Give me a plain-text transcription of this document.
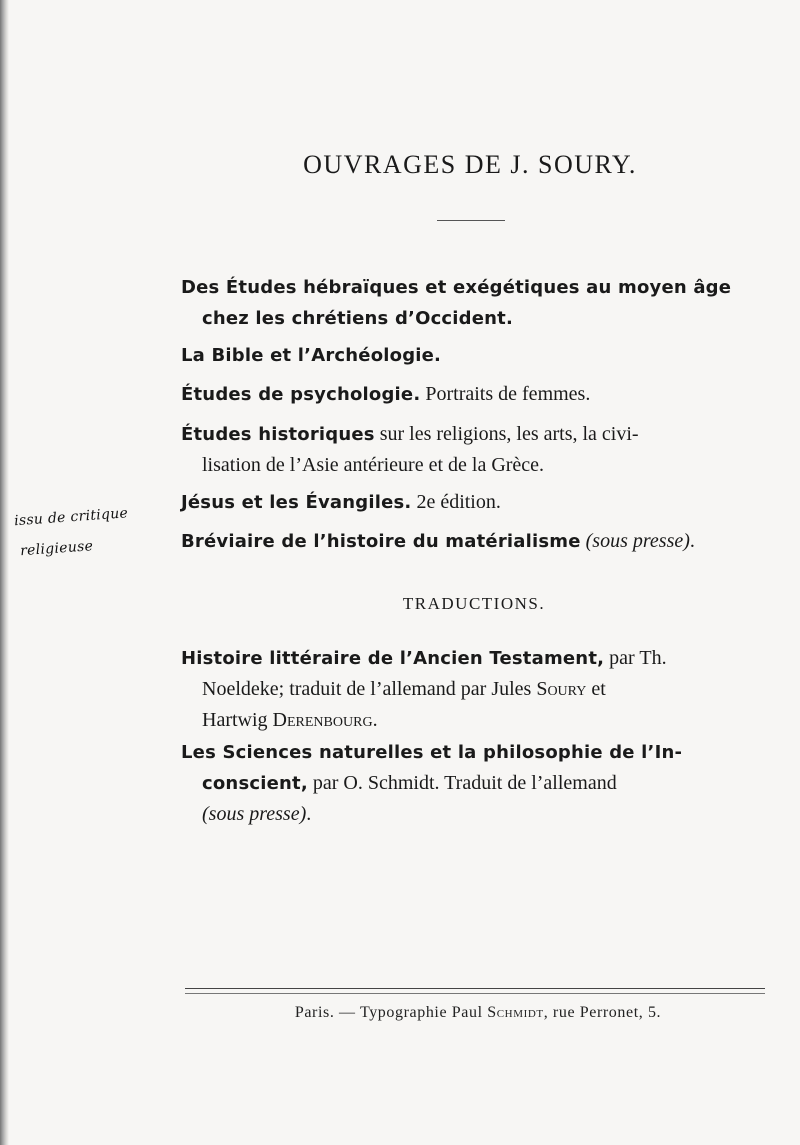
OUVRAGES DE J. SOURY.
Des Études hébraïques et exégétiques au moyen âge
chez les chrétiens d’Occident.
La Bible et l’Archéologie.
Études de psychologie. Portraits de femmes.
Études historiques sur les religions, les arts, la civi-
lisation de l’Asie antérieure et de la Grèce.
Jésus et les Évangiles. 2e édition.
Bréviaire de l’histoire du matérialisme (sous presse).
issu de critique
religieuse
TRADUCTIONS.
Histoire littéraire de l’Ancien Testament, par Th.
Noeldeke; traduit de l’allemand par Jules Soury et
Hartwig Derenbourg.
Les Sciences naturelles et la philosophie de l’In-
conscient, par O. Schmidt. Traduit de l’allemand
(sous presse).
Paris. — Typographie Paul Schmidt, rue Perronet, 5.
